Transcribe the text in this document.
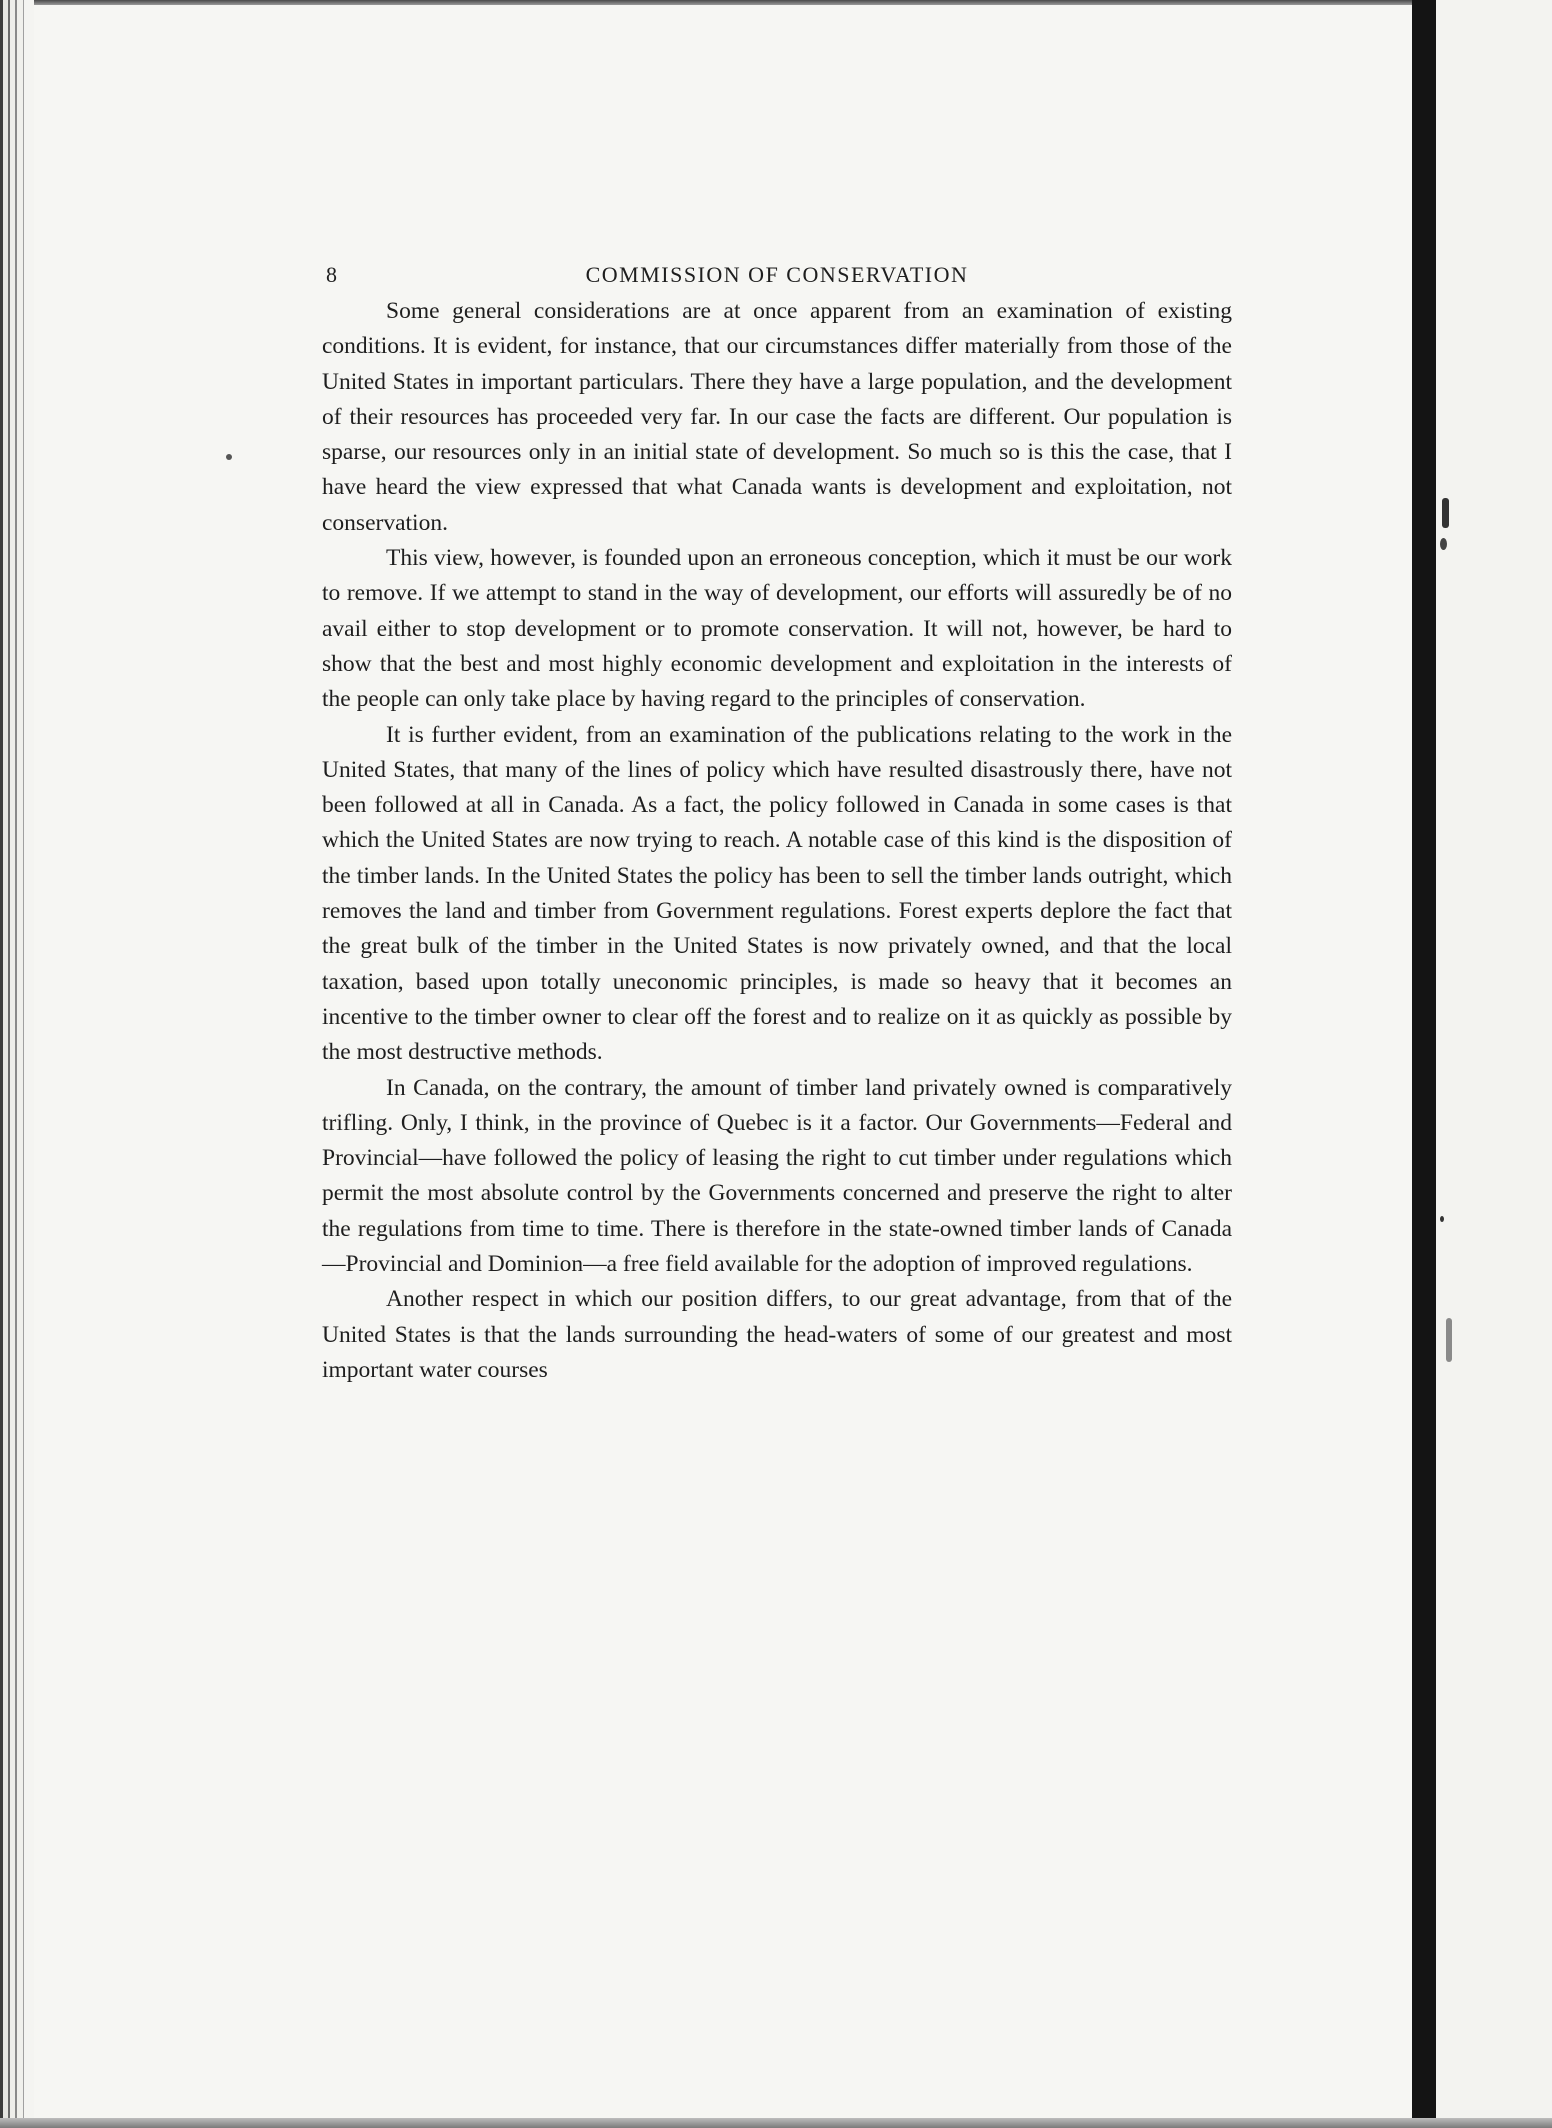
8	COMMISSION OF CONSERVATION

Some general considerations are at once apparent from an examination of existing conditions. It is evident, for instance, that our circumstances differ materially from those of the United States in important particulars. There they have a large population, and the development of their resources has proceeded very far. In our case the facts are different. Our population is sparse, our resources only in an initial state of development. So much so is this the case, that I have heard the view expressed that what Canada wants is development and exploitation, not conservation.

This view, however, is founded upon an erroneous conception, which it must be our work to remove. If we attempt to stand in the way of development, our efforts will assuredly be of no avail either to stop development or to promote conservation. It will not, however, be hard to show that the best and most highly economic development and exploitation in the interests of the people can only take place by having regard to the principles of conservation.

It is further evident, from an examination of the publications relating to the work in the United States, that many of the lines of policy which have resulted disastrously there, have not been followed at all in Canada. As a fact, the policy followed in Canada in some cases is that which the United States are now trying to reach. A notable case of this kind is the disposition of the timber lands. In the United States the policy has been to sell the timber lands outright, which removes the land and timber from Government regulations. Forest experts deplore the fact that the great bulk of the timber in the United States is now privately owned, and that the local taxation, based upon totally uneconomic principles, is made so heavy that it becomes an incentive to the timber owner to clear off the forest and to realize on it as quickly as possible by the most destructive methods.

In Canada, on the contrary, the amount of timber land privately owned is comparatively trifling. Only, I think, in the province of Quebec is it a factor. Our Governments—Federal and Provincial—have followed the policy of leasing the right to cut timber under regulations which permit the most absolute control by the Governments concerned and preserve the right to alter the regulations from time to time. There is therefore in the state-owned timber lands of Canada —Provincial and Dominion—a free field available for the adoption of improved regulations.

Another respect in which our position differs, to our great advantage, from that of the United States is that the lands surrounding the head-waters of some of our greatest and most important water courses
